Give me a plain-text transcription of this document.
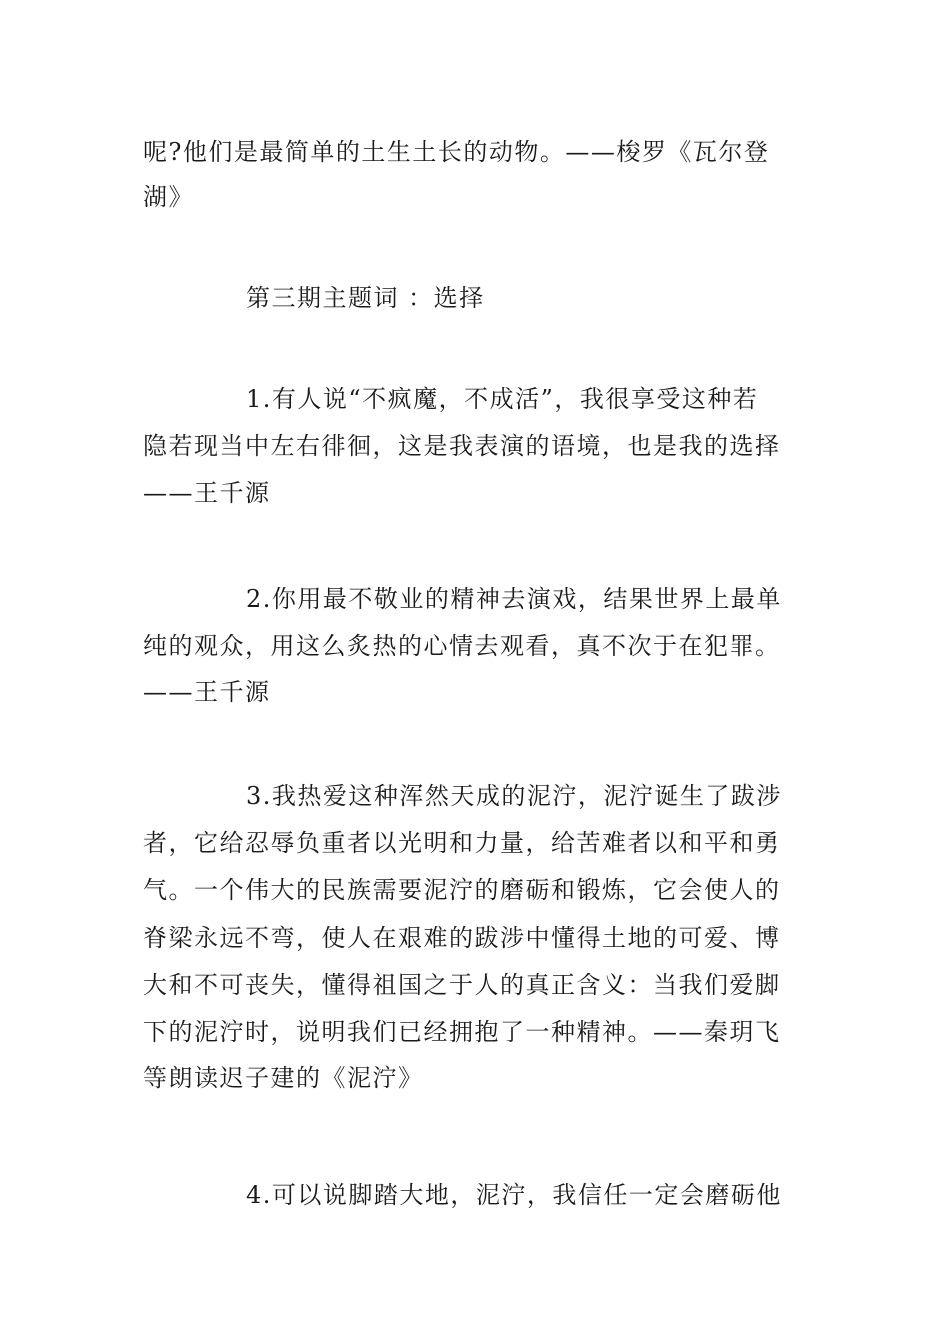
呢?他们是最简单的土生土长的动物。——梭罗《瓦尔登
湖》
第三期主题词 ：选择
1.有人说“不疯魔，不成活”，我很享受这种若
隐若现当中左右徘徊，这是我表演的语境，也是我的选择
——王千源
2.你用最不敬业的精神去演戏，结果世界上最单
纯的观众，用这么炙热的心情去观看，真不次于在犯罪。
——王千源
3.我热爱这种浑然天成的泥泞，泥泞诞生了跋涉
者，它给忍辱负重者以光明和力量，给苦难者以和平和勇
气。一个伟大的民族需要泥泞的磨砺和锻炼，它会使人的
脊梁永远不弯，使人在艰难的跋涉中懂得土地的可爱、博
大和不可丧失，懂得祖国之于人的真正含义：当我们爱脚
下的泥泞时，说明我们已经拥抱了一种精神。——秦玥飞
等朗读迟子建的《泥泞》
4.可以说脚踏大地，泥泞，我信任一定会磨砺他
